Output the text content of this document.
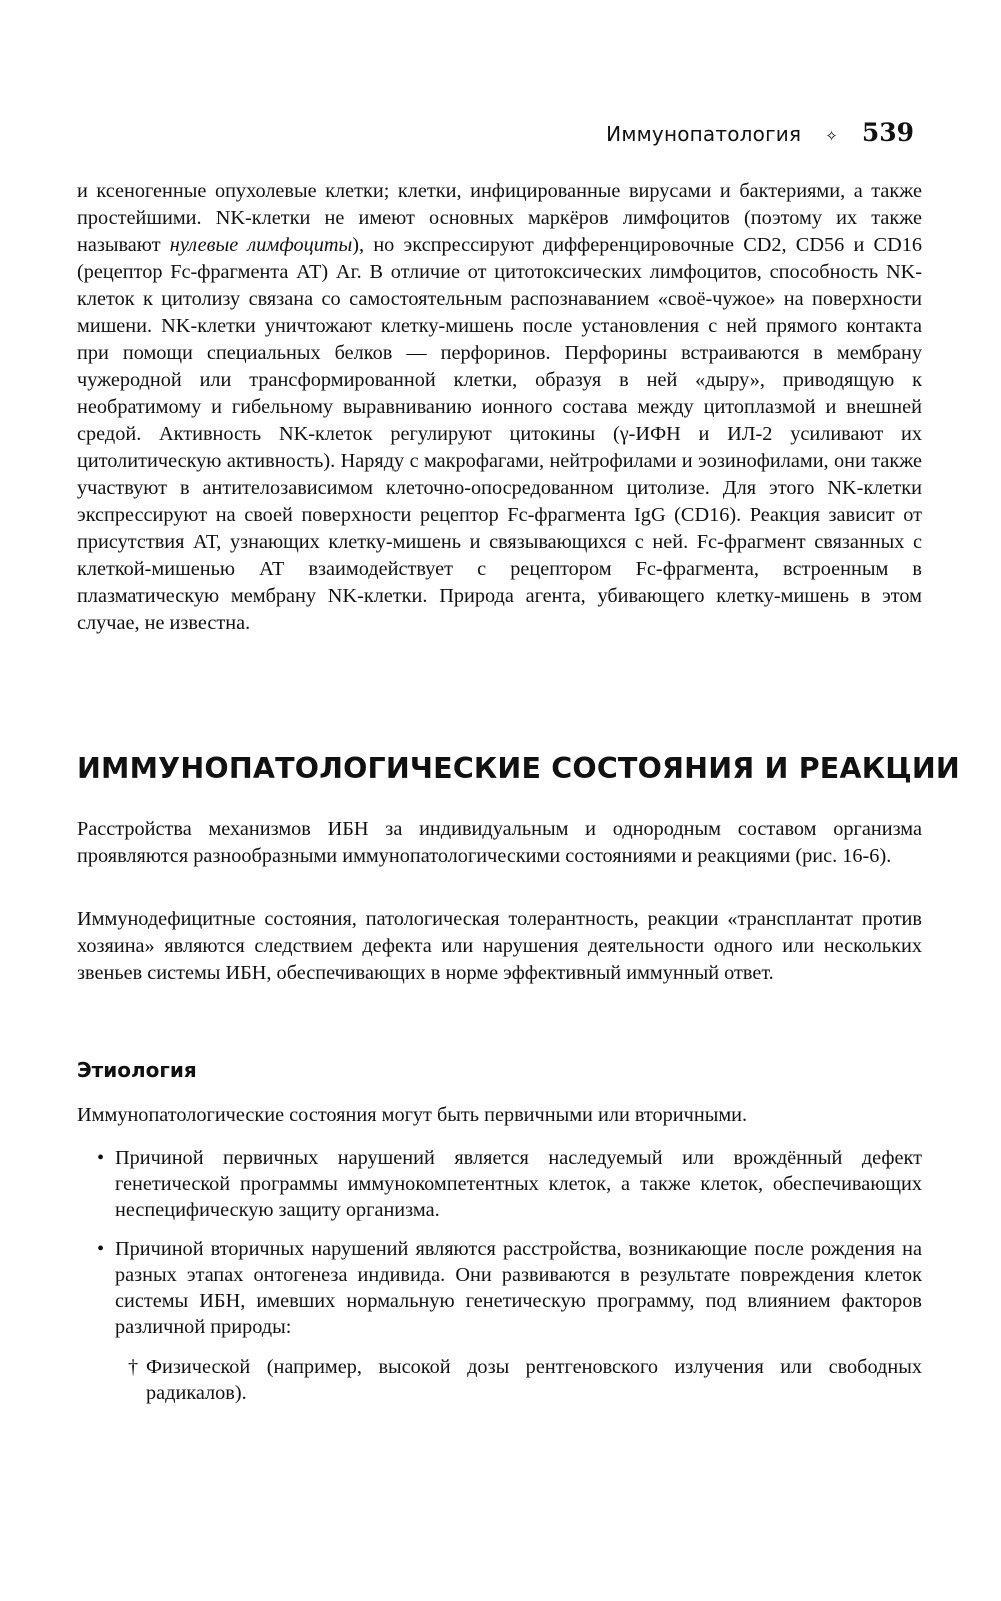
Иммунопатология ✧ 539

и ксеногенные опухолевые клетки; клетки, инфицированные вирусами и бактериями, а также простейшими. NK-клетки не имеют основных маркёров лимфоцитов (поэтому их также называют нулевые лимфоциты), но экспрессируют дифференцировочные CD2, CD56 и CD16 (рецептор Fc-фрагмента АТ) Аг. В отличие от цитотоксических лимфоцитов, способность NK-клеток к цитолизу связана со самостоятельным распознаванием «своё-чужое» на поверхности мишени. NK-клетки уничтожают клетку-мишень после установления с ней прямого контакта при помощи специальных белков — перфоринов. Перфорины встраиваются в мембрану чужеродной или трансформированной клетки, образуя в ней «дыру», приводящую к необратимому и гибельному выравниванию ионного состава между цитоплазмой и внешней средой. Активность NK-клеток регулируют цитокины (γ-ИФН и ИЛ-2 усиливают их цитолитическую активность). Наряду с макрофагами, нейтрофилами и эозинофилами, они также участвуют в антителозависимом клеточно-опосредованном цитолизе. Для этого NK-клетки экспрессируют на своей поверхности рецептор Fc-фрагмента IgG (CD16). Реакция зависит от присутствия АТ, узнающих клетку-мишень и связывающихся с ней. Fc-фрагмент связанных с клеткой-мишенью АТ взаимодействует с рецептором Fc-фрагмента, встроенным в плазматическую мембрану NK-клетки. Природа агента, убивающего клетку-мишень в этом случае, не известна.

ИММУНОПАТОЛОГИЧЕСКИЕ СОСТОЯНИЯ И РЕАКЦИИ

Расстройства механизмов ИБН за индивидуальным и однородным составом организма проявляются разнообразными иммунопатологическими состояниями и реакциями (рис. 16-6).

Иммунодефицитные состояния, патологическая толерантность, реакции «трансплантат против хозяина» являются следствием дефекта или нарушения деятельности одного или нескольких звеньев системы ИБН, обеспечивающих в норме эффективный иммунный ответ.

Этиология

Иммунопатологические состояния могут быть первичными или вторичными.

• Причиной первичных нарушений является наследуемый или врождённый дефект генетической программы иммунокомпетентных клеток, а также клеток, обеспечивающих неспецифическую защиту организма.

• Причиной вторичных нарушений являются расстройства, возникающие после рождения на разных этапах онтогенеза индивида. Они развиваются в результате повреждения клеток системы ИБН, имевших нормальную генетическую программу, под влиянием факторов различной природы:

† Физической (например, высокой дозы рентгеновского излучения или свободных радикалов).
